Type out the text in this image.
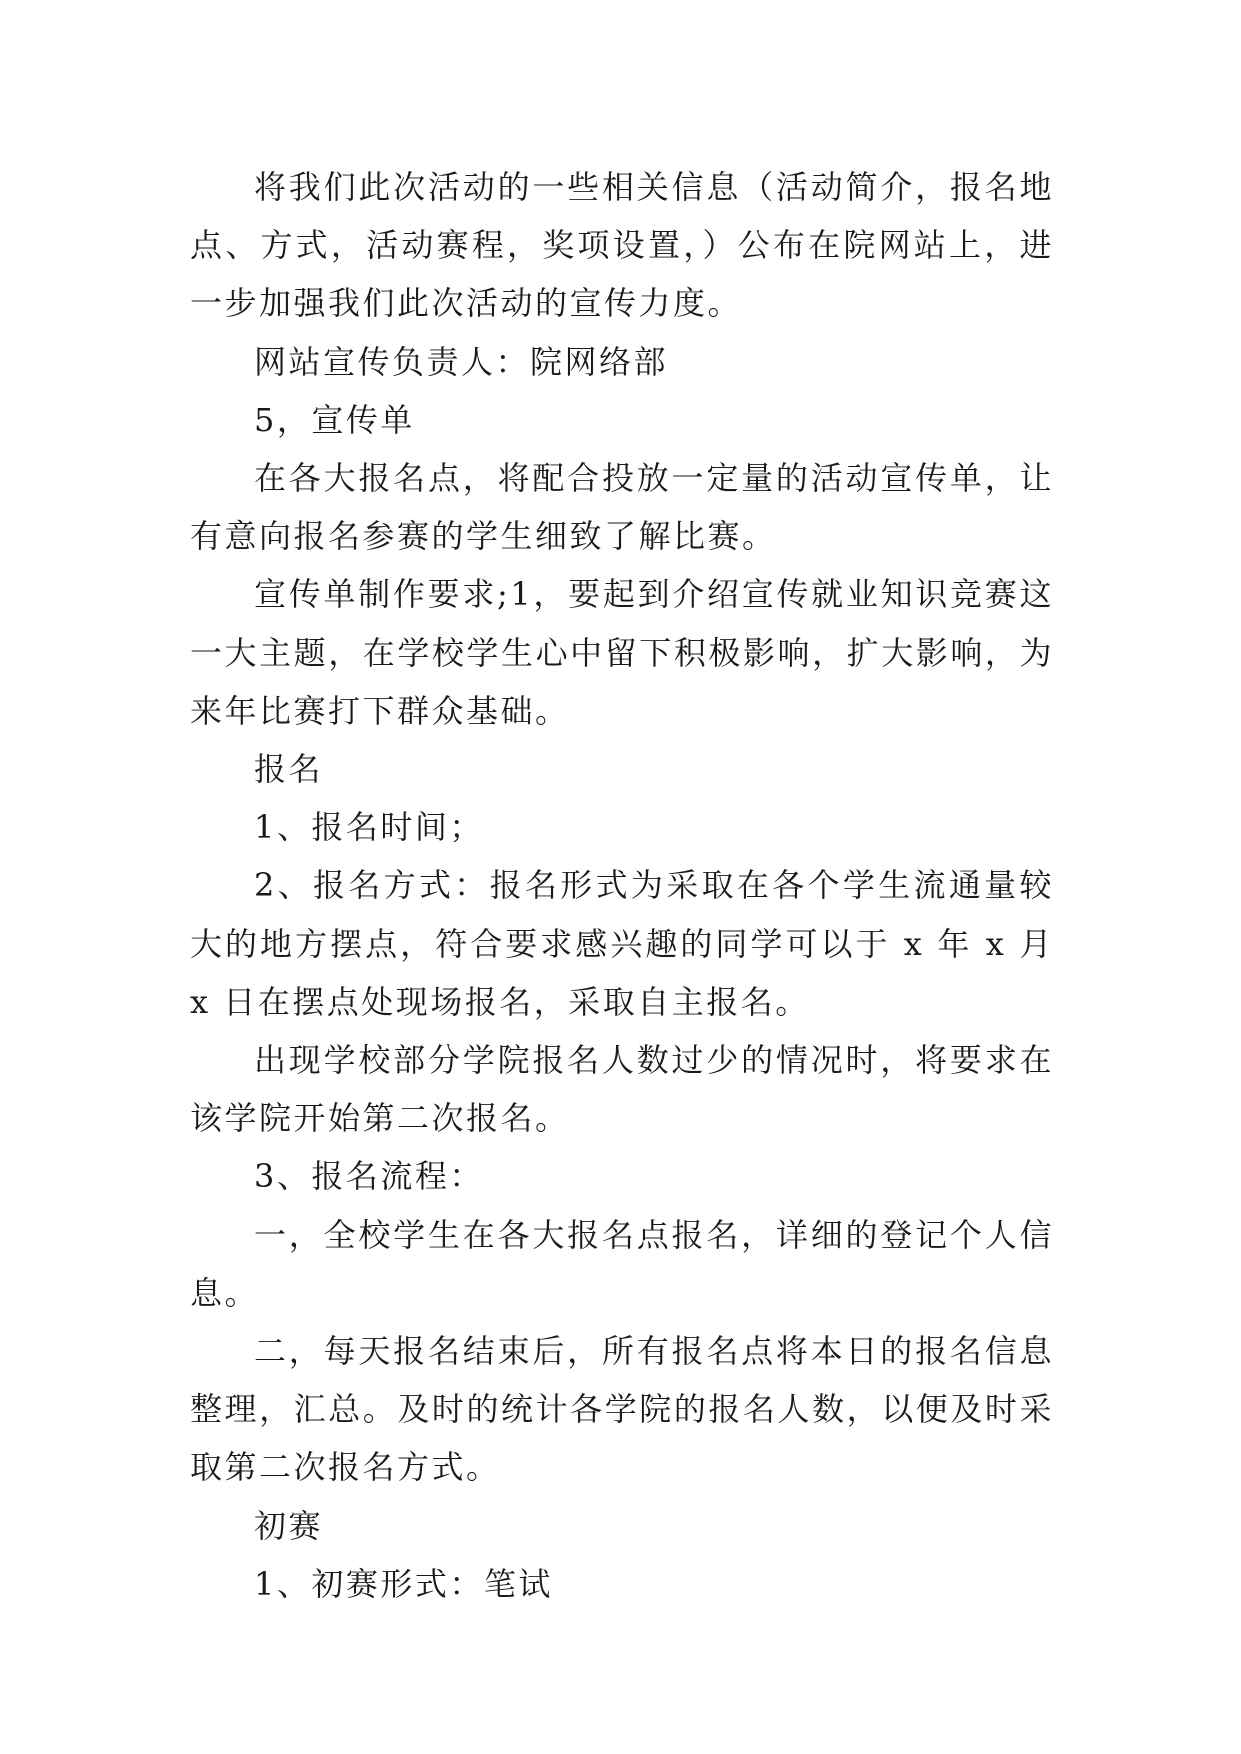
将我们此次活动的一些相关信息（活动简介，报名地点、方式，活动赛程，奖项设置，）公布在院网站上，进一步加强我们此次活动的宣传力度。

网站宣传负责人：院网络部

5，宣传单

在各大报名点，将配合投放一定量的活动宣传单，让有意向报名参赛的学生细致了解比赛。

宣传单制作要求;1，要起到介绍宣传就业知识竞赛这一大主题，在学校学生心中留下积极影响，扩大影响，为来年比赛打下群众基础。

报名

1、报名时间；

2、报名方式：报名形式为采取在各个学生流通量较大的地方摆点，符合要求感兴趣的同学可以于 x 年 x 月 x 日在摆点处现场报名，采取自主报名。

出现学校部分学院报名人数过少的情况时，将要求在该学院开始第二次报名。

3、报名流程：

一，全校学生在各大报名点报名，详细的登记个人信息。

二，每天报名结束后，所有报名点将本日的报名信息整理，汇总。及时的统计各学院的报名人数，以便及时采取第二次报名方式。

初赛

1、初赛形式：笔试
